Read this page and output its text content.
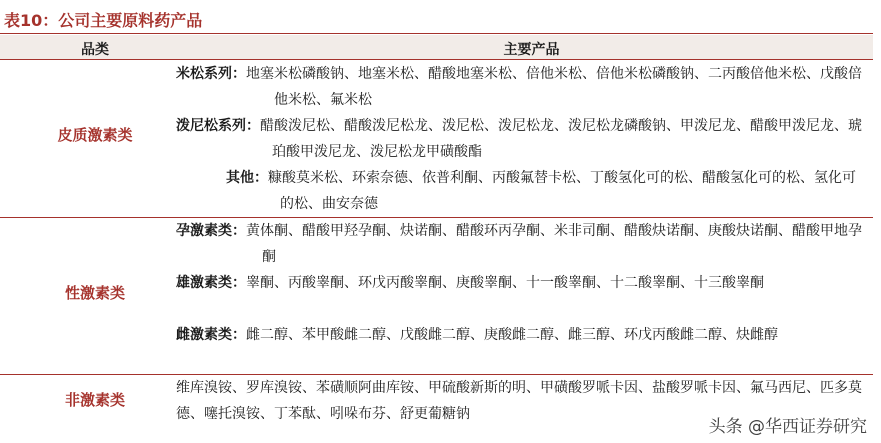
表10：公司主要原料药产品
品类	主要产品
皮质激素类
米松系列：地塞米松磷酸钠、地塞米松、醋酸地塞米松、倍他米松、倍他米松磷酸钠、二丙酸倍他米松、戊酸倍他米松、氟米松
泼尼松系列：醋酸泼尼松、醋酸泼尼松龙、泼尼松、泼尼松龙、泼尼松龙磷酸钠、甲泼尼龙、醋酸甲泼尼龙、琥珀酸甲泼尼龙、泼尼松龙甲磺酸酯
其他：糠酸莫米松、环索奈德、依普利酮、丙酸氟替卡松、丁酸氢化可的松、醋酸氢化可的松、氢化可的松、曲安奈德
性激素类
孕激素类：黄体酮、醋酸甲羟孕酮、炔诺酮、醋酸环丙孕酮、米非司酮、醋酸炔诺酮、庚酸炔诺酮、醋酸甲地孕酮
雄激素类：睾酮、丙酸睾酮、环戊丙酸睾酮、庚酸睾酮、十一酸睾酮、十二酸睾酮、十三酸睾酮
雌激素类：雌二醇、苯甲酸雌二醇、戊酸雌二醇、庚酸雌二醇、雌三醇、环戊丙酸雌二醇、炔雌醇
非激素类
维库溴铵、罗库溴铵、苯磺顺阿曲库铵、甲硫酸新斯的明、甲磺酸罗哌卡因、盐酸罗哌卡因、氟马西尼、匹多莫德、噻托溴铵、丁苯酞、吲哚布芬、舒更葡糖钠
头条 @华西证券研究
